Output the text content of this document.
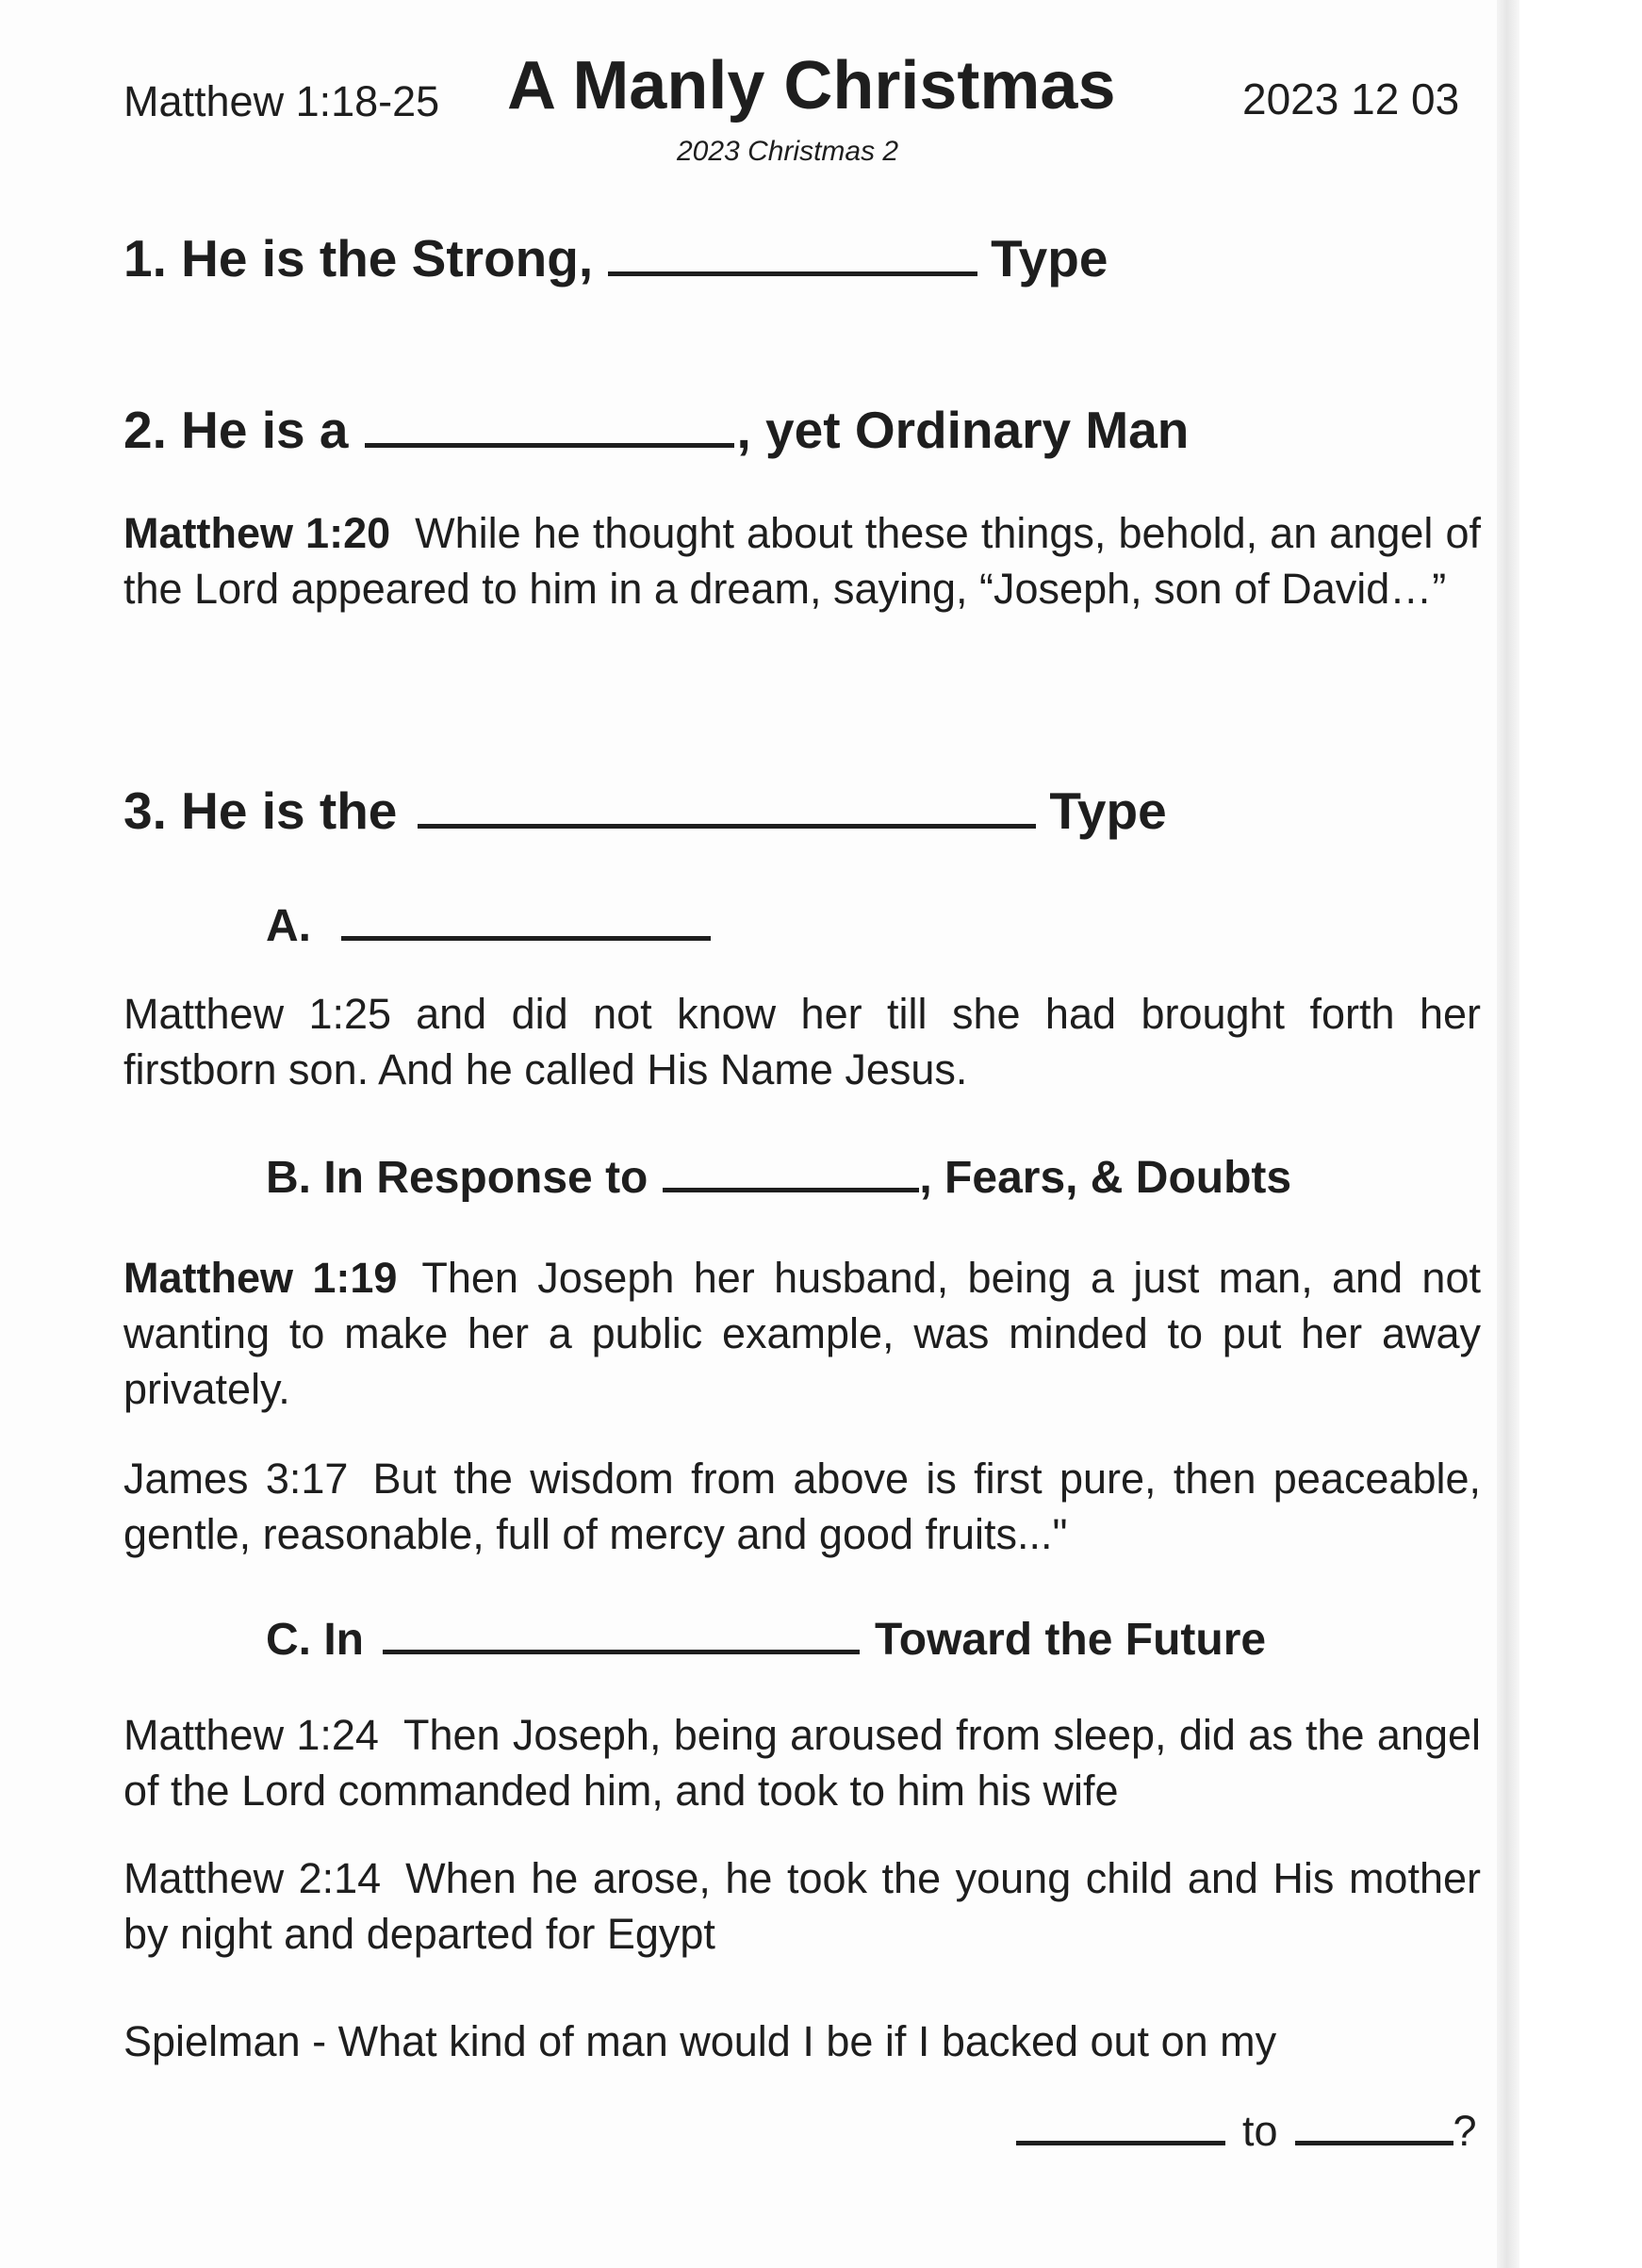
Matthew 1:18-25 A Manly Christmas	2023 12 03
2023 Christmas 2
1. He is the Strong,	Type
2. He is a	, yet Ordinary Man
Matthew 1:20 While he thought about these things, behold, an angel of the Lord appeared to him in a dream, saying, “Joseph, son of David…”
3. He is the	Type
A.
Matthew 1:25 and did not know her till she had brought forth her firstborn son. And he called His Name Jesus.
B. In Response to	, Fears, & Doubts
Matthew 1:19 Then Joseph her husband, being a just man, and not wanting to make her a public example, was minded to put her away privately.
James 3:17 But the wisdom from above is first pure, then peaceable, gentle, reasonable, full of mercy and good fruits..."
C. In	Toward the Future
Matthew 1:24 Then Joseph, being aroused from sleep, did as the angel of the Lord commanded him, and took to him his wife
Matthew 2:14 When he arose, he took the young child and His mother by night and departed for Egypt
Spielman - What kind of man would I be if I backed out on my
to	?
